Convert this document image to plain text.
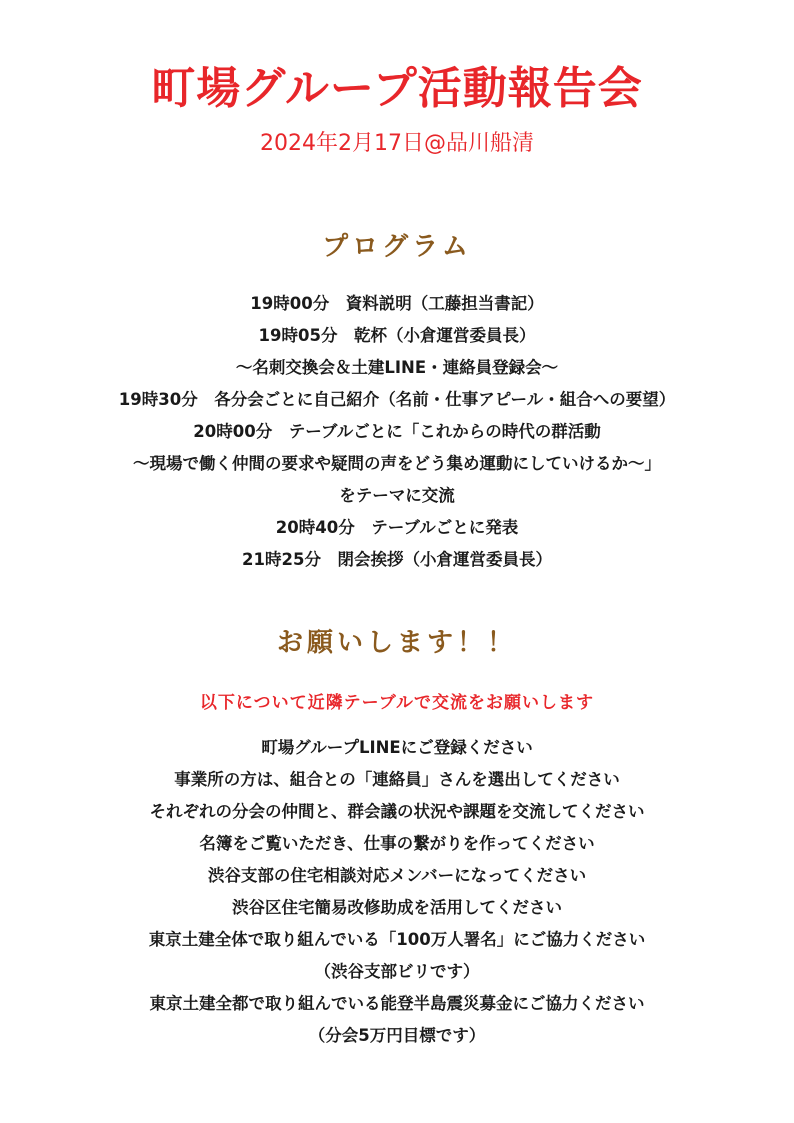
町場グループ活動報告会
2024年2月17日@品川船清
プログラム
19時00分　資料説明（工藤担当書記）
19時05分　乾杯（小倉運営委員長）
～名刺交換会＆土建LINE・連絡員登録会～
19時30分　各分会ごとに自己紹介（名前・仕事アピール・組合への要望）
20時00分　テーブルごとに「これからの時代の群活動
～現場で働く仲間の要求や疑問の声をどう集め運動にしていけるか～」
をテーマに交流
20時40分　テーブルごとに発表
21時25分　閉会挨拶（小倉運営委員長）
お願いします！！
以下について近隣テーブルで交流をお願いします
町場グループLINEにご登録ください
事業所の方は、組合との「連絡員」さんを選出してください
それぞれの分会の仲間と、群会議の状況や課題を交流してください
名簿をご覧いただき、仕事の繋がりを作ってください
渋谷支部の住宅相談対応メンバーになってください
渋谷区住宅簡易改修助成を活用してください
東京土建全体で取り組んでいる「100万人署名」にご協力ください
（渋谷支部ビリです）
東京土建全都で取り組んでいる能登半島震災募金にご協力ください
（分会5万円目標です）
